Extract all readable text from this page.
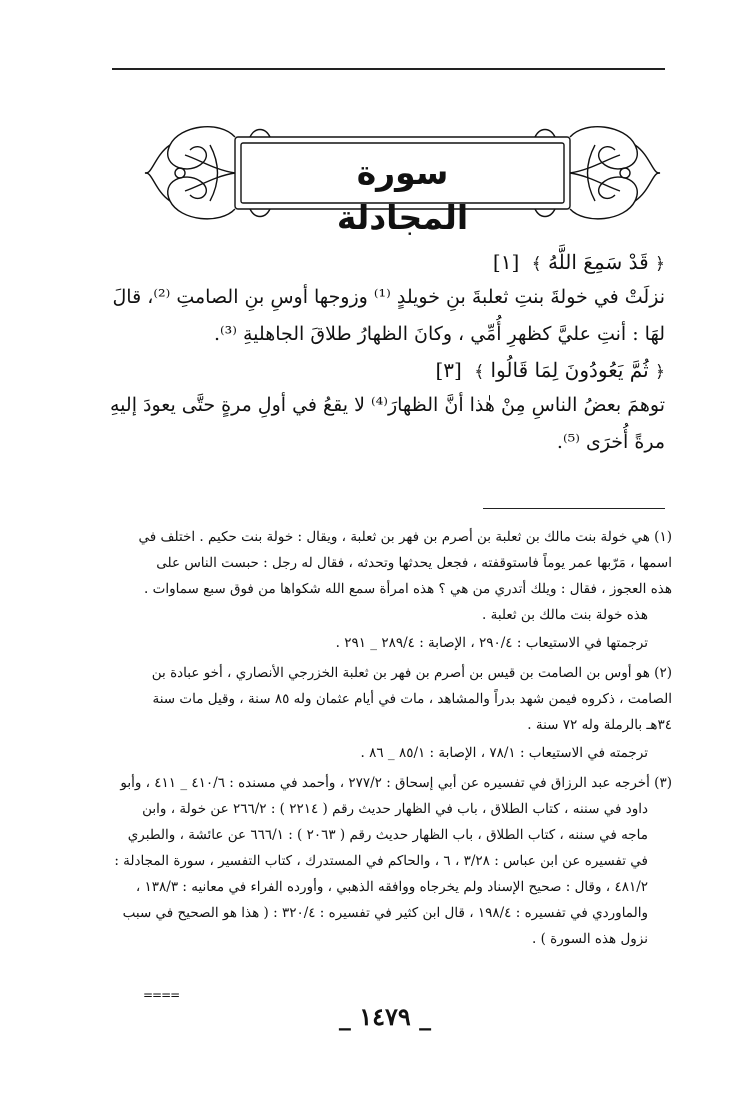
سورة المجادلة
﴿ قَدْ سَمِعَ اللَّهُ ﴾ [١]
نزلَتْ في خولةَ بنتِ ثعلبةَ بنِ خويلدٍ ⁽¹⁾ وزوجها أوسِ بنِ الصامتِ ⁽²⁾، قالَ
لهَا : أنتِ عليَّ كظهرِ أُمِّي ، وكانَ الظهارُ طلاقَ الجاهليةِ ⁽³⁾.
﴿ ثُمَّ يَعُودُونَ لِمَا قَالُوا ﴾ [٣]
توهمَ بعضُ الناسِ مِنْ هٰذا أنَّ الظهارَ⁽⁴⁾ لا يقعُ في أولِ مرةٍ حتَّى يعودَ إليهِ
مرةً أُخرَى ⁽⁵⁾.
(١) هي خولة بنت مالك بن ثعلبة بن أصرم بن فهر بن ثعلبة ، ويقال : خولة بنت حكيم . اختلف في
اسمها ، مَرّبها عمر يوماً فاستوقفته ، فجعل يحدثها وتحدثه ، فقال له رجل : حبست الناس على
هذه العجوز ، فقال : ويلك أتدري من هي ؟ هذه امرأة سمع الله شكواها من فوق سبع سماوات .
هذه خولة بنت مالك بن ثعلبة .
ترجمتها في الاستيعاب : ٢٩٠/٤ ، الإصابة : ٢٨٩/٤ _ ٢٩١ .
(٢) هو أوس بن الصامت بن قيس بن أصرم بن فهر بن ثعلبة الخزرجي الأنصاري ، أخو عبادة بن
الصامت ، ذكروه فيمن شهد بدراً والمشاهد ، مات في أيام عثمان وله ٨٥ سنة ، وقيل مات سنة
٣٤هـ بالرملة وله ٧٢ سنة .
ترجمته في الاستيعاب : ٧٨/١ ، الإصابة : ٨٥/١ _ ٨٦ .
(٣) أخرجه عبد الرزاق في تفسيره عن أبي إسحاق : ٢٧٧/٢ ، وأحمد في مسنده : ٤١٠/٦ _ ٤١١ ، وأبو
داود في سننه ، كتاب الطلاق ، باب في الظهار حديث رقم ( ٢٢١٤ ) : ٢٦٦/٢ عن خولة ، وابن
ماجه في سننه ، كتاب الطلاق ، باب الظهار حديث رقم ( ٢٠٦٣ ) : ٦٦٦/١ عن عائشة ، والطبري
في تفسيره عن ابن عباس : ٣/٢٨ ، ٦ ، والحاكم في المستدرك ، كتاب التفسير ، سورة المجادلة :
٤٨١/٢ ، وقال : صحيح الإسناد ولم يخرجاه ووافقه الذهبي ، وأورده الفراء في معانيه : ١٣٨/٣ ،
والماوردي في تفسيره : ١٩٨/٤ ، قال ابن كثير في تفسيره : ٣٢٠/٤ : ( هذا هو الصحيح في سبب
نزول هذه السورة ) .
====
_ ١٤٧٩ _
